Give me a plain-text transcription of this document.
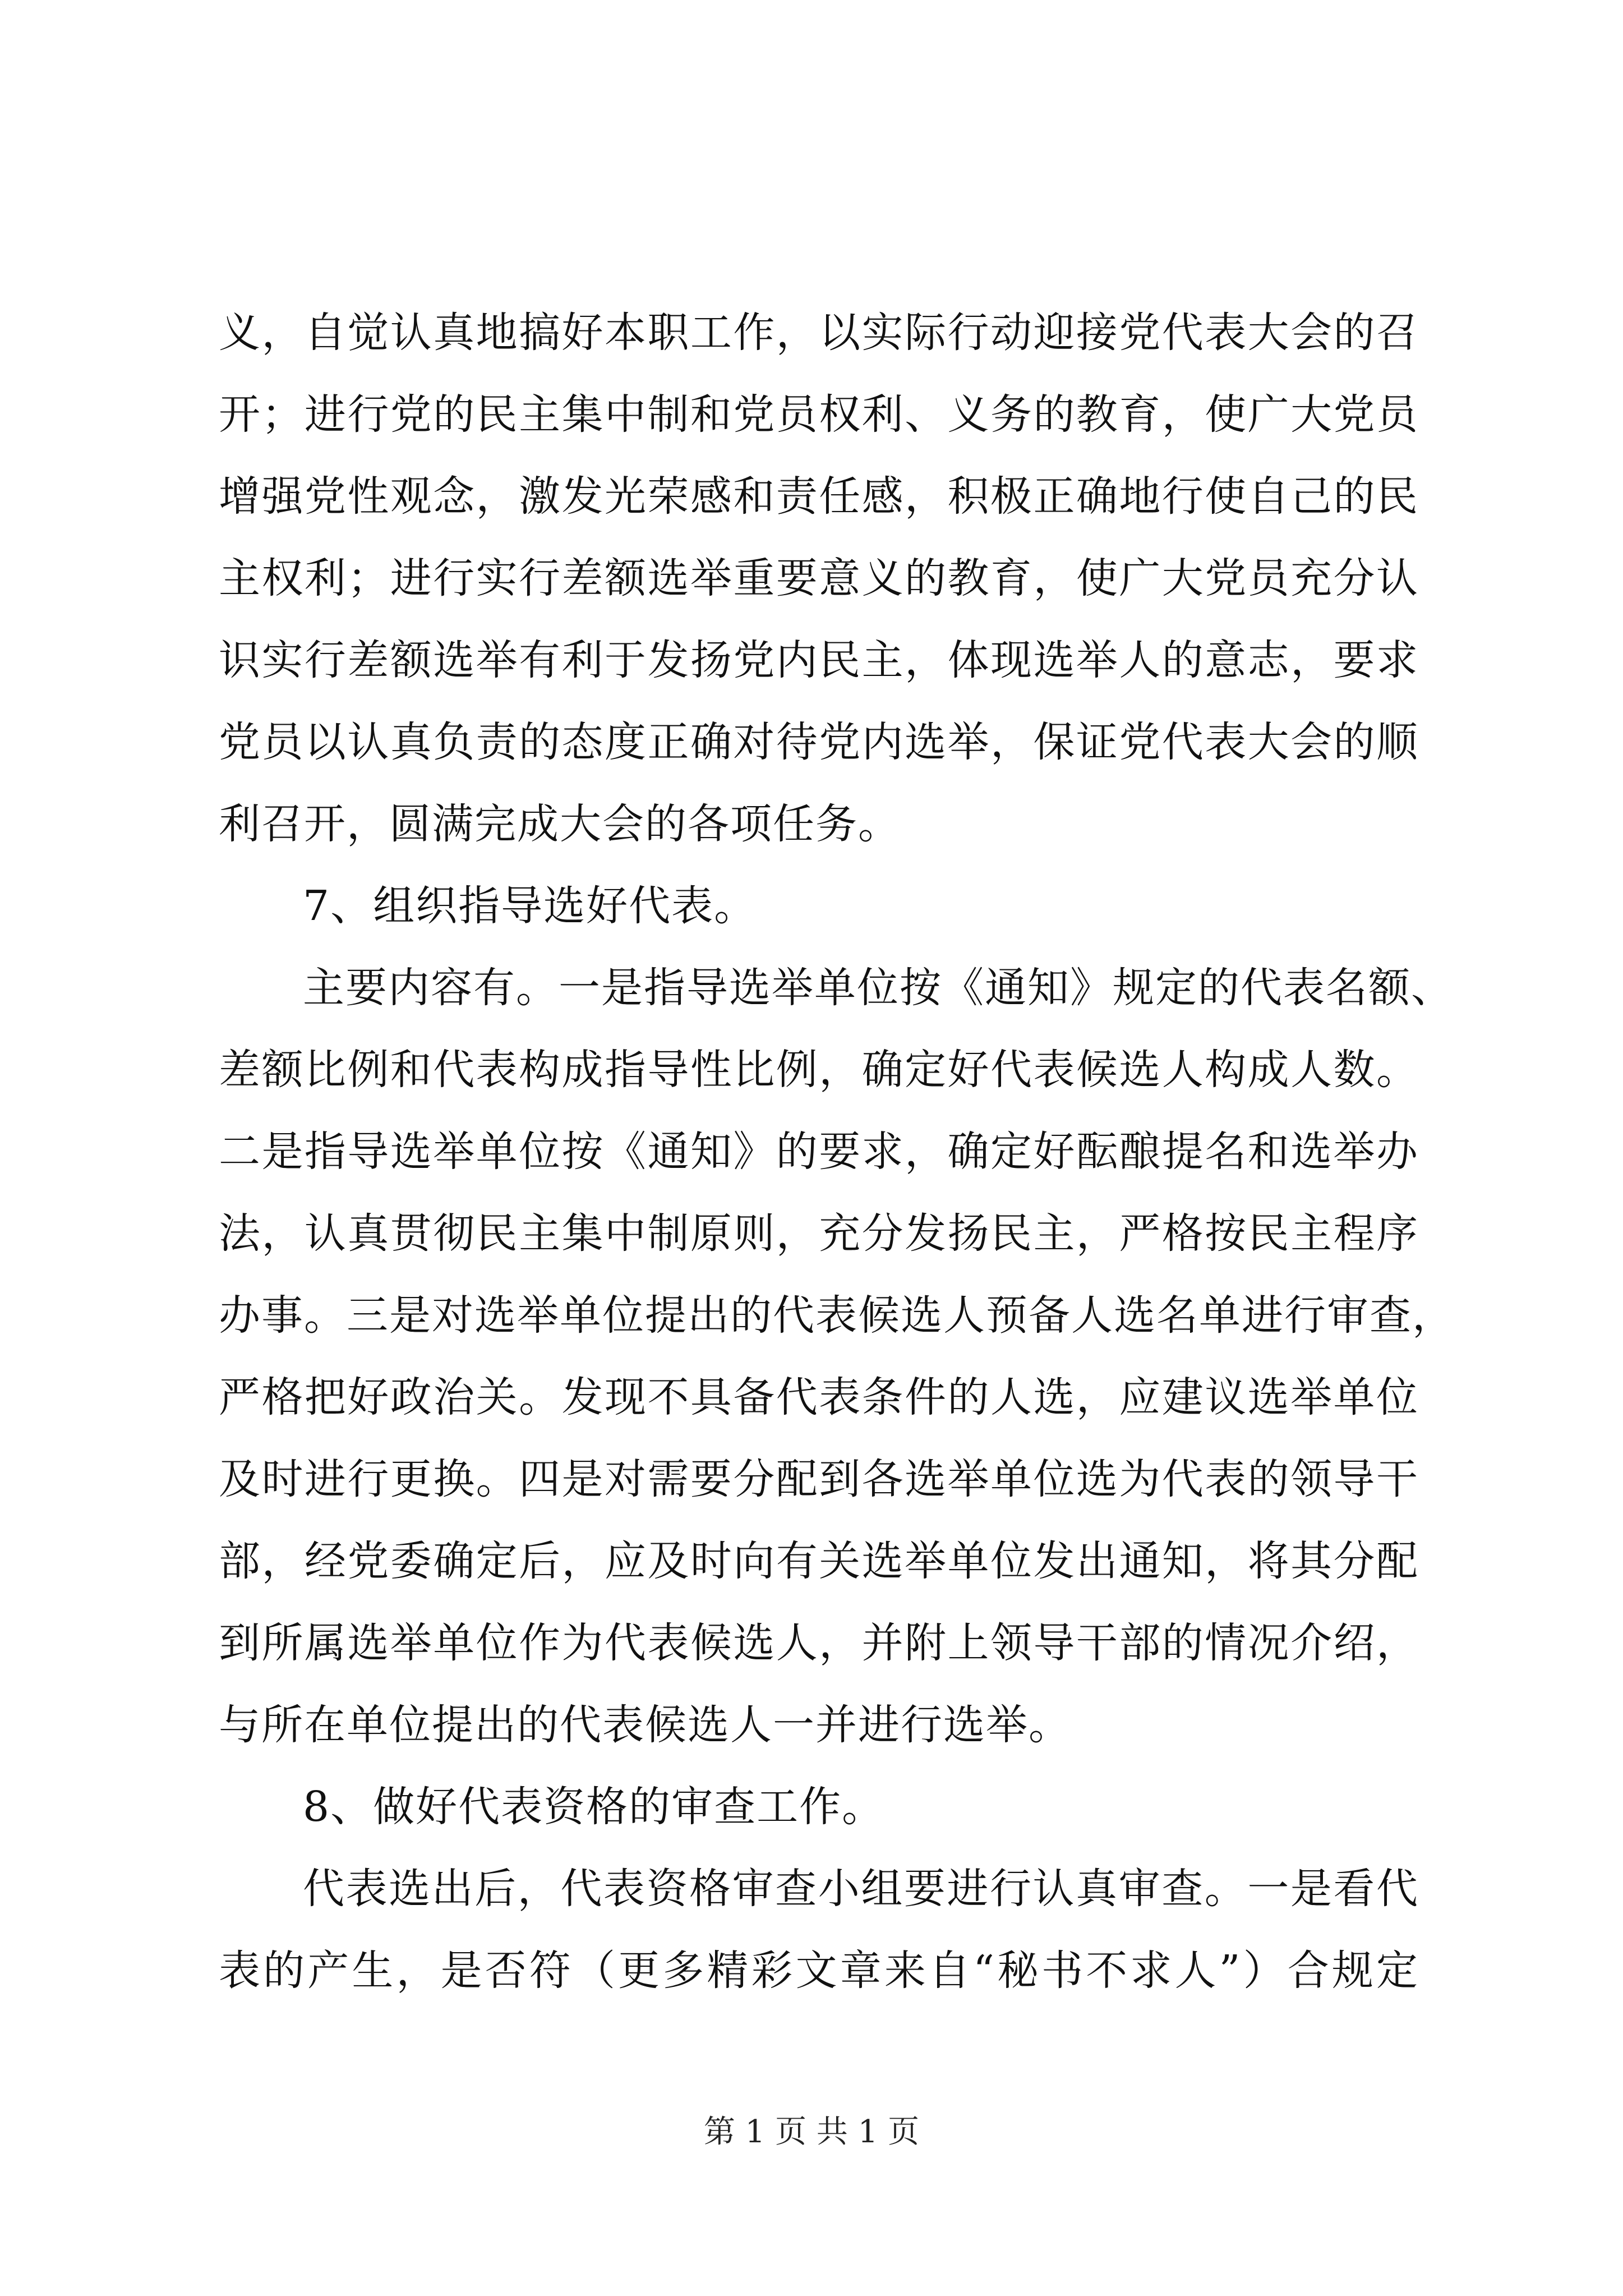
义，自觉认真地搞好本职工作，以实际行动迎接党代表大会的召
开；进行党的民主集中制和党员权利、义务的教育，使广大党员
增强党性观念，激发光荣感和责任感，积极正确地行使自己的民
主权利；进行实行差额选举重要意义的教育，使广大党员充分认
识实行差额选举有利于发扬党内民主，体现选举人的意志，要求
党员以认真负责的态度正确对待党内选举，保证党代表大会的顺
利召开，圆满完成大会的各项任务。
7、组织指导选好代表。
主要内容有。一是指导选举单位按《通知》规定的代表名额、
差额比例和代表构成指导性比例，确定好代表候选人构成人数。
二是指导选举单位按《通知》的要求，确定好酝酿提名和选举办
法，认真贯彻民主集中制原则，充分发扬民主，严格按民主程序
办事。三是对选举单位提出的代表候选人预备人选名单进行审查，
严格把好政治关。发现不具备代表条件的人选，应建议选举单位
及时进行更换。四是对需要分配到各选举单位选为代表的领导干
部，经党委确定后，应及时向有关选举单位发出通知，将其分配
到所属选举单位作为代表候选人，并附上领导干部的情况介绍，
与所在单位提出的代表候选人一并进行选举。
8、做好代表资格的审查工作。
代表选出后，代表资格审查小组要进行认真审查。一是看代
表的产生，是否符（更多精彩文章来自“秘书不求人”）合规定
第 1 页 共 1 页
